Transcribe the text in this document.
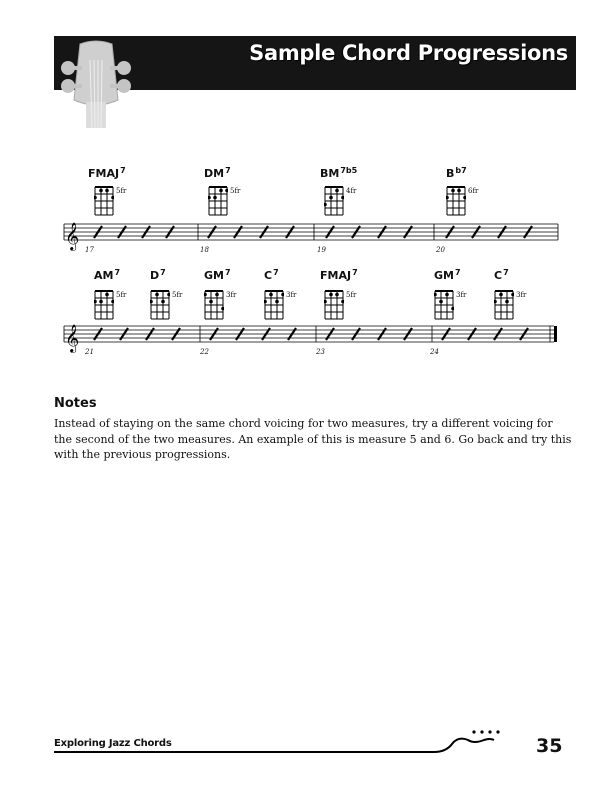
Sample Chord Progressions
FMAJ$^7$
5fr
$DM^7$
5fr
$BM^{7b5}$
4fr
$B^{b7}$
6fr
𝄞 17	18	19	20
$AM^7$
5fr
$D^7$
5fr
$GM^7$
3fr
$C^7$
3fr
FMAJ$^7$
5fr
$GM^7$
3fr
$C^7$
3fr
𝄞 21	22	23	24
Notes
Instead of staying on the same chord voicing for two measures, try a different voicing for the second of the two measures. An example of this is measure 5 and 6. Go back and try this with the previous progressions.
Exploring Jazz Chords	35
